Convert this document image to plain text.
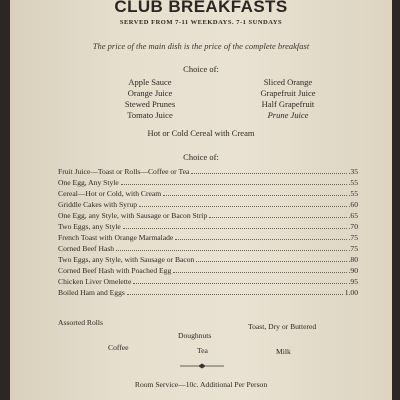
CLUB BREAKFASTS
SERVED FROM 7-11 WEEKDAYS. 7-1 SUNDAYS
The price of the main dish is the price of the complete breakfast
Choice of:
Apple Sauce
Orange Juice
Stewed Prunes
Tomato Juice
Sliced Orange
Grapefruit Juice
Half Grapefruit
Prune Juice
Hot or Cold Cereal with Cream
Choice of:
Fruit Juice—Toast or Rolls—Coffee or Tea	.35
One Egg, Any Style	.55
Cereal—Hot or Cold, with Cream	.55
Griddle Cakes with Syrup	.60
One Egg, any Style, with Sausage or Bacon Strip	.65
Two Eggs, any Style	.70
French Toast with Orange Marmalade	.75
Corned Beef Hash	.75
Two Eggs, any Style, with Sausage or Bacon	.80
Corned Beef Hash with Poached Egg	.90
Chicken Liver Omelette	.95
Boiled Ham and Eggs	1.00
Assorted Rolls	Toast, Dry or Buttered
Doughnuts
Coffee	Tea	Milk
Room Service—10c. Additional Per Person
